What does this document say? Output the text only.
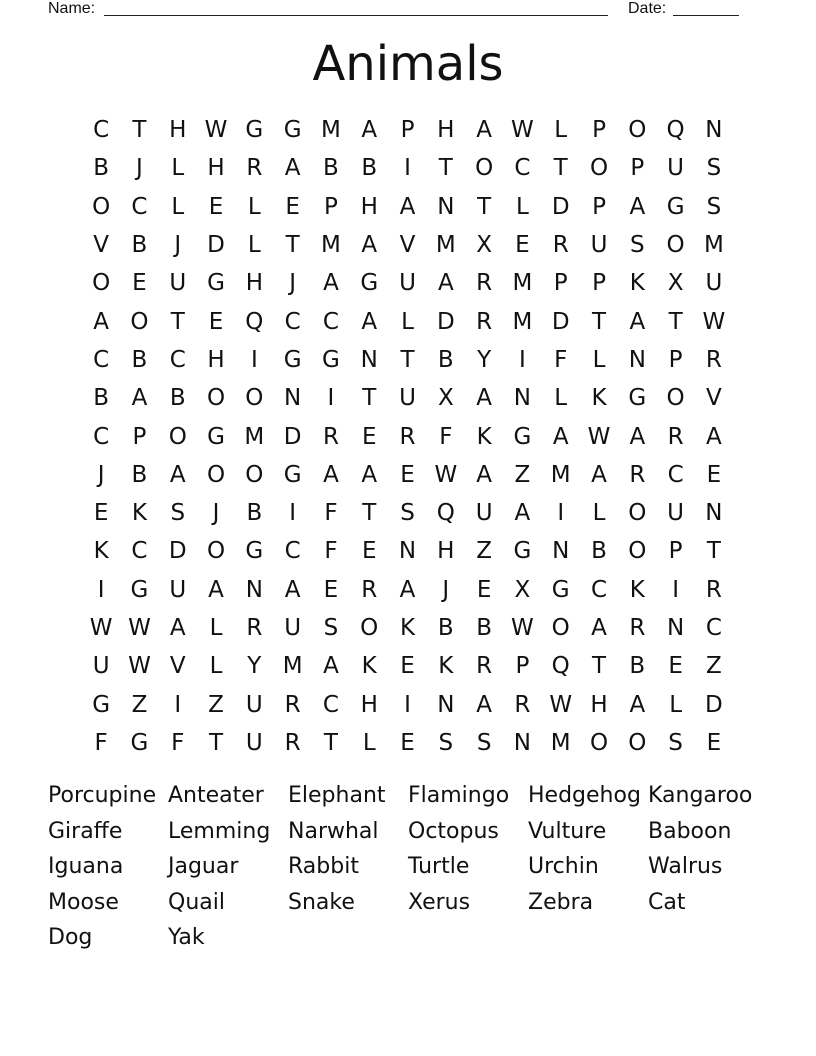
Name:	Date:
Animals
C	T H W G G M A	P H A W L	P O Q N
B	J	L	H R A B B	I	T O C	T O P U S
O C	L	E	L	E	P H A N T	L	D P	A G S
V B	J	D	L	T M A V M X	E	R U S O M
O E U G H	J	A G U A R M P	P	K X U
A O T	E Q C C A	L	D R M D T	A	T W
C B C H	I	G G N T	B	Y	I	F	L	N P	R
B A B O O N	I	T U X A N	L	K G O V
C	P O G M D R	E	R	F	K G A W A R A
J	B A O O G A A	E W A Z M A R C	E
E	K	S	J	B	I	F	T	S Q U A	I	L O U N
K C D O G C	F	E N H Z G N B O P	T
I	G U A N A	E	R A	J	E	X G C K	I	R
W W A	L	R U S O K B B W O A R N C
U W V	L	Y M A K	E	K R	P Q T	B	E	Z
G Z	I	Z U R C H	I	N A R W H A	L	D
F G F	T U R	T	L	E	S	S N M O O S	E
Porcupine Anteater	Elephant	Flamingo Hedgehog Kangaroo
Giraffe	Lemming Narwhal	Octopus	Vulture	Baboon
Iguana	Jaguar	Rabbit	Turtle	Urchin	Walrus
Moose	Quail	Snake	Xerus	Zebra	Cat
Dog	Yak
